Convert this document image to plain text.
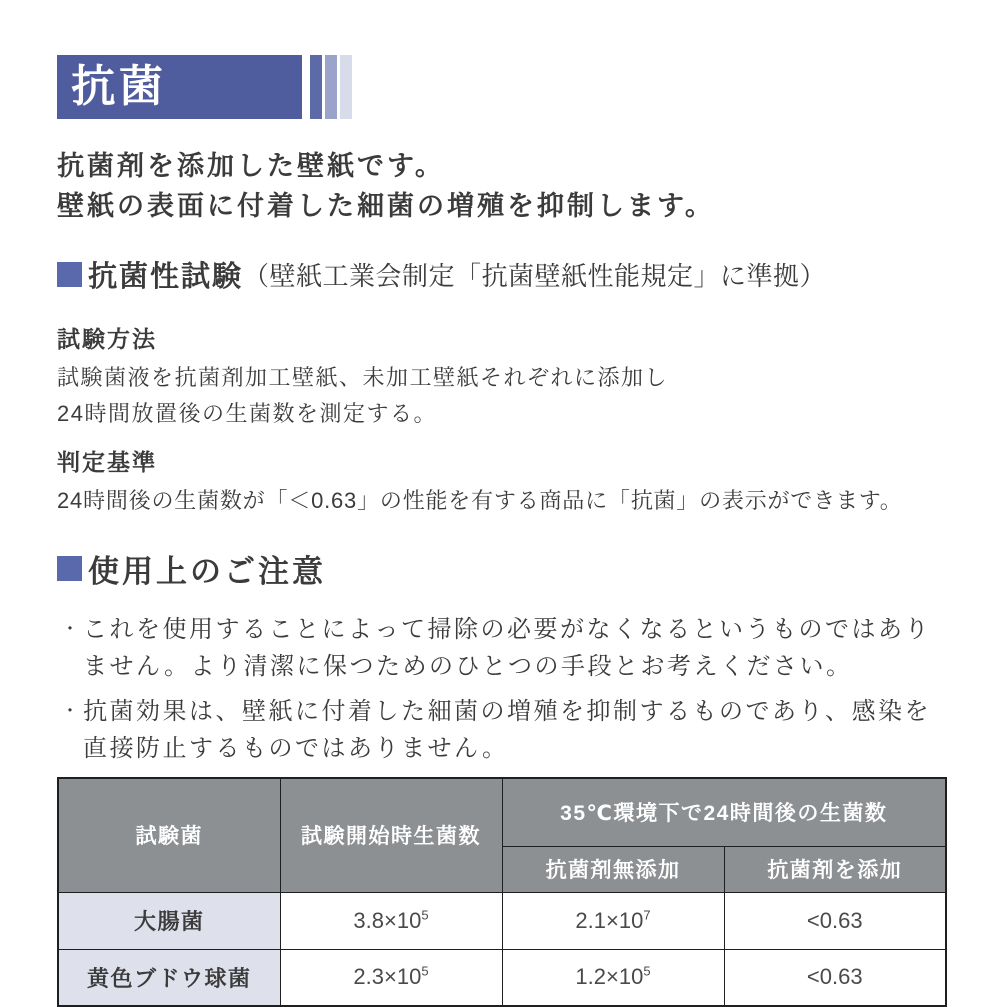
抗菌
抗菌剤を添加した壁紙です。
壁紙の表面に付着した細菌の増殖を抑制します。
抗菌性試験 （壁紙工業会制定「抗菌壁紙性能規定」に準拠）
試験方法
試験菌液を抗菌剤加工壁紙、未加工壁紙それぞれに添加し
24時間放置後の生菌数を測定する。
判定基準
24時間後の生菌数が「＜0.63」の性能を有する商品に「抗菌」の表示ができます。
使用上のご注意
・ これを使用することによって掃除の必要がなくなるというものではありません。より清潔に保つためのひとつの手段とお考えください。
・ 抗菌効果は、壁紙に付着した細菌の増殖を抑制するものであり、感染を直接防止するものではありません。
試験菌	試験開始時生菌数	35℃環境下で24時間後の生菌数	
		抗菌剤無添加	抗菌剤を添加
大腸菌	$3.8\times 10^5$	$2.1\times 10^7$	<0.63
黄色ブドウ球菌	$2.3\times 10^5$	$1.2\times 10^5$	<0.63
